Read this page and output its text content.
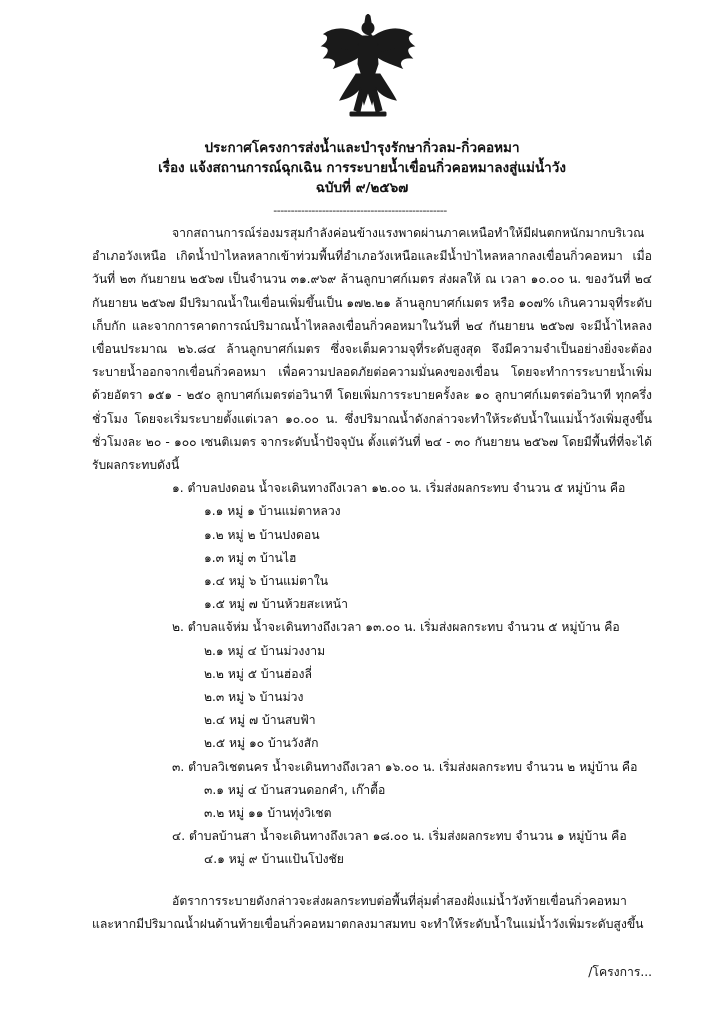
ประกาศโครงการส่งน้ำและบำรุงรักษากิ่วลม-กิ่วคอหมา
เรื่อง แจ้งสถานการณ์ฉุกเฉิน การระบายน้ำเขื่อนกิ่วคอหมาลงสู่แม่น้ำวัง
ฉบับที่ ๙/๒๕๖๗
--------------------------------------------------
จากสถานการณ์ร่องมรสุมกำลังค่อนข้างแรงพาดผ่านภาคเหนือทำให้มีฝนตกหนักมากบริเวณอำเภอวังเหนือ เกิดน้ำป่าไหลหลากเข้าท่วมพื้นที่อำเภอวังเหนือและมีน้ำป่าไหลหลากลงเขื่อนกิ่วคอหมา เมื่อวันที่ ๒๓ กันยายน ๒๕๖๗ เป็นจำนวน ๓๑.๙๖๙ ล้านลูกบาศก์เมตร ส่งผลให้ ณ เวลา ๑๐.๐๐ น. ของวันที่ ๒๔ กันยายน ๒๕๖๗ มีปริมาณน้ำในเขื่อนเพิ่มขึ้นเป็น ๑๗๒.๒๑ ล้านลูกบาศก์เมตร หรือ ๑๐๗% เกินความจุที่ระดับเก็บกัก และจากการคาดการณ์ปริมาณน้ำไหลลงเขื่อนกิ่วคอหมาในวันที่ ๒๔ กันยายน ๒๕๖๗ จะมีน้ำไหลลงเขื่อนประมาณ ๒๖.๘๔ ล้านลูกบาศก์เมตร ซึ่งจะเต็มความจุที่ระดับสูงสุด จึงมีความจำเป็นอย่างยิ่งจะต้องระบายน้ำออกจากเขื่อนกิ่วคอหมา เพื่อความปลอดภัยต่อความมั่นคงของเขื่อน โดยจะทำการระบายน้ำเพิ่มด้วยอัตรา ๑๕๑ - ๒๕๐ ลูกบาศก์เมตรต่อวินาที โดยเพิ่มการระบายครั้งละ ๑๐ ลูกบาศก์เมตรต่อวินาที ทุกครึ่งชั่วโมง โดยจะเริ่มระบายตั้งแต่เวลา ๑๐.๐๐ น. ซึ่งปริมาณน้ำดังกล่าวจะทำให้ระดับน้ำในแม่น้ำวังเพิ่มสูงขึ้นชั่วโมงละ ๒๐ - ๑๐๐ เซนติเมตร จากระดับน้ำปัจจุบัน ตั้งแต่วันที่ ๒๔ - ๓๐ กันยายน ๒๕๖๗ โดยมีพื้นที่ที่จะได้รับผลกระทบดังนี้
๑. ตำบลปงดอน น้ำจะเดินทางถึงเวลา ๑๒.๐๐ น. เริ่มส่งผลกระทบ จำนวน ๕ หมู่บ้าน คือ
๑.๑ หมู่ ๑ บ้านแม่ตาหลวง
๑.๒ หมู่ ๒ บ้านปงดอน
๑.๓ หมู่ ๓ บ้านไฮ
๑.๔ หมู่ ๖ บ้านแม่ตาใน
๑.๕ หมู่ ๗ บ้านห้วยสะเหน้า
๒. ตำบลแจ้ห่ม น้ำจะเดินทางถึงเวลา ๑๓.๐๐ น. เริ่มส่งผลกระทบ จำนวน ๕ หมู่บ้าน คือ
๒.๑ หมู่ ๔ บ้านม่วงงาม
๒.๒ หมู่ ๕ บ้านฮ่องลี่
๒.๓ หมู่ ๖ บ้านม่วง
๒.๔ หมู่ ๗ บ้านสบฟ้า
๒.๕ หมู่ ๑๐ บ้านวังสัก
๓. ตำบลวิเชตนคร น้ำจะเดินทางถึงเวลา ๑๖.๐๐ น. เริ่มส่งผลกระทบ จำนวน ๒ หมู่บ้าน คือ
๓.๑ หมู่ ๔ บ้านสวนดอกคำ, เก๊าตื้อ
๓.๒ หมู่ ๑๑ บ้านทุ่งวิเชต
๔. ตำบลบ้านสา น้ำจะเดินทางถึงเวลา ๑๘.๐๐ น. เริ่มส่งผลกระทบ จำนวน ๑ หมู่บ้าน คือ
๔.๑ หมู่ ๙ บ้านแป้นโป่งชัย
อัตราการระบายดังกล่าวจะส่งผลกระทบต่อพื้นที่ลุ่มต่ำสองฝั่งแม่น้ำวังท้ายเขื่อนกิ่วคอหมา และหากมีปริมาณน้ำฝนด้านท้ายเขื่อนกิ่วคอหมาตกลงมาสมทบ จะทำให้ระดับน้ำในแม่น้ำวังเพิ่มระดับสูงขึ้น
/โครงการ...
